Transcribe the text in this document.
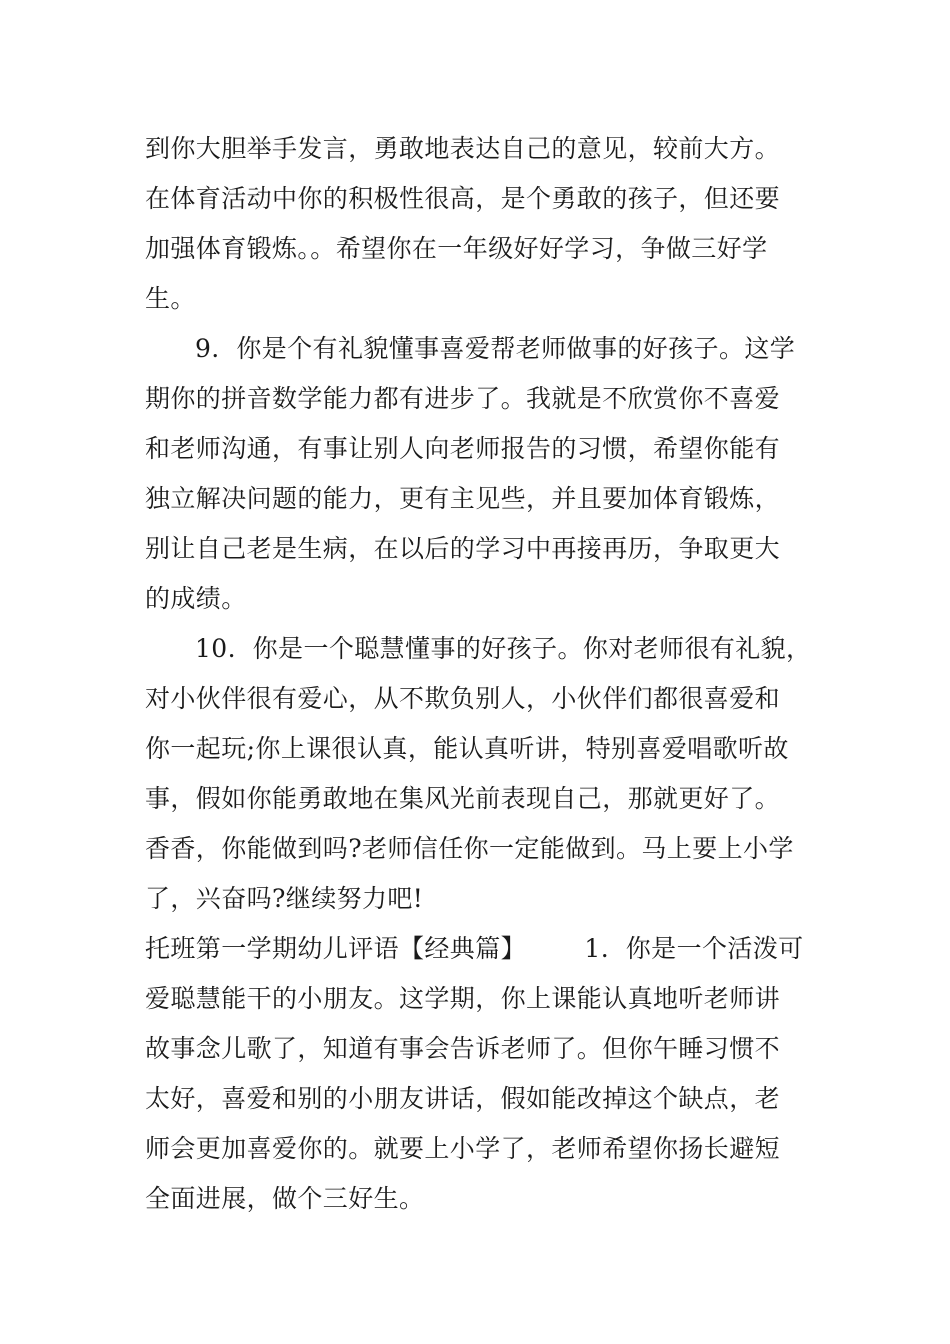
到你大胆举手发言，勇敢地表达自己的意见，较前大方。
在体育活动中你的积极性很高，是个勇敢的孩子，但还要
加强体育锻炼。。希望你在一年级好好学习，争做三好学
生。
9.  你是个有礼貌懂事喜爱帮老师做事的好孩子。这学
期你的拼音数学能力都有进步了。我就是不欣赏你不喜爱
和老师沟通，有事让别人向老师报告的习惯，希望你能有
独立解决问题的能力，更有主见些，并且要加体育锻炼，
别让自己老是生病，在以后的学习中再接再历，争取更大
的成绩。
10.  你是一个聪慧懂事的好孩子。你对老师很有礼貌，
对小伙伴很有爱心，从不欺负别人，小伙伴们都很喜爱和
你一起玩;你上课很认真，能认真听讲，特别喜爱唱歌听故
事，假如你能勇敢地在集风光前表现自己，那就更好了。
香香，你能做到吗?老师信任你一定能做到。马上要上小学
了，兴奋吗?继续努力吧!
托班第一学期幼儿评语【经典篇】       1.  你是一个活泼可
爱聪慧能干的小朋友。这学期，你上课能认真地听老师讲
故事念儿歌了，知道有事会告诉老师了。但你午睡习惯不
太好，喜爱和别的小朋友讲话，假如能改掉这个缺点，老
师会更加喜爱你的。就要上小学了，老师希望你扬长避短
全面进展，做个三好生。
